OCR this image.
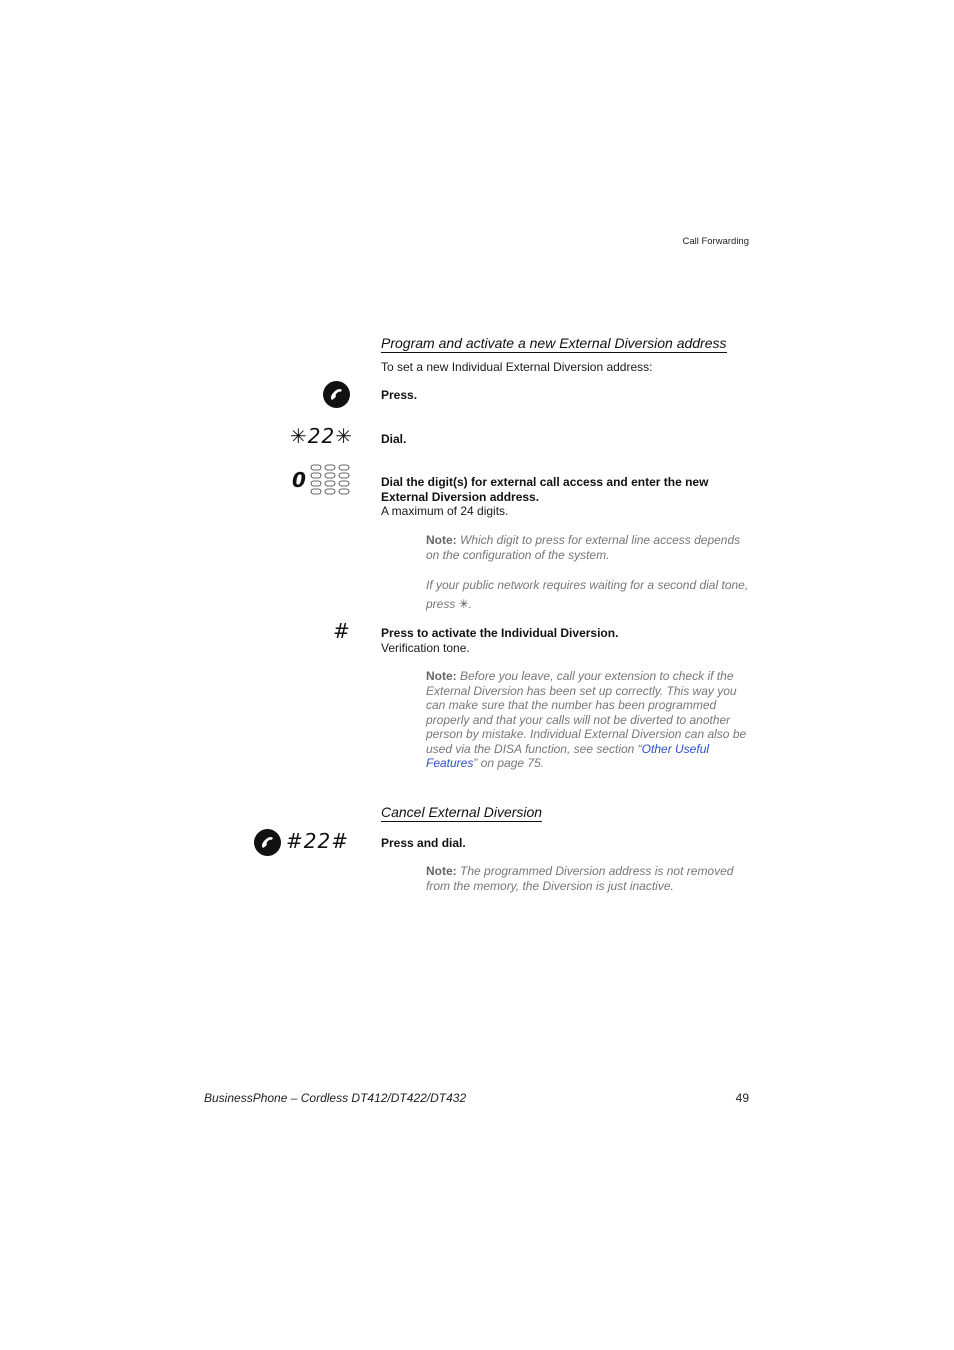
Call Forwarding
Program and activate a new External Diversion address
To set a new Individual External Diversion address:
Press.
✳22✳ Dial.
0	Dial the digit(s) for external call access and enter the new External Diversion address.
A maximum of 24 digits.
Note: Which digit to press for external line access depends on the configuration of the system.
If your public network requires waiting for a second dial tone, press ✳.
#	Press to activate the Individual Diversion.
Verification tone.
Note: Before you leave, call your extension to check if the External Diversion has been set up correctly. This way you can make sure that the number has been programmed properly and that your calls will not be diverted to another person by mistake. Individual External Diversion can also be used via the DISA function, see section “Other Useful Features” on page 75.
Cancel External Diversion
#22#	Press and dial.
Note: The programmed Diversion address is not removed from the memory, the Diversion is just inactive.
BusinessPhone – Cordless DT412/DT422/DT432	49
